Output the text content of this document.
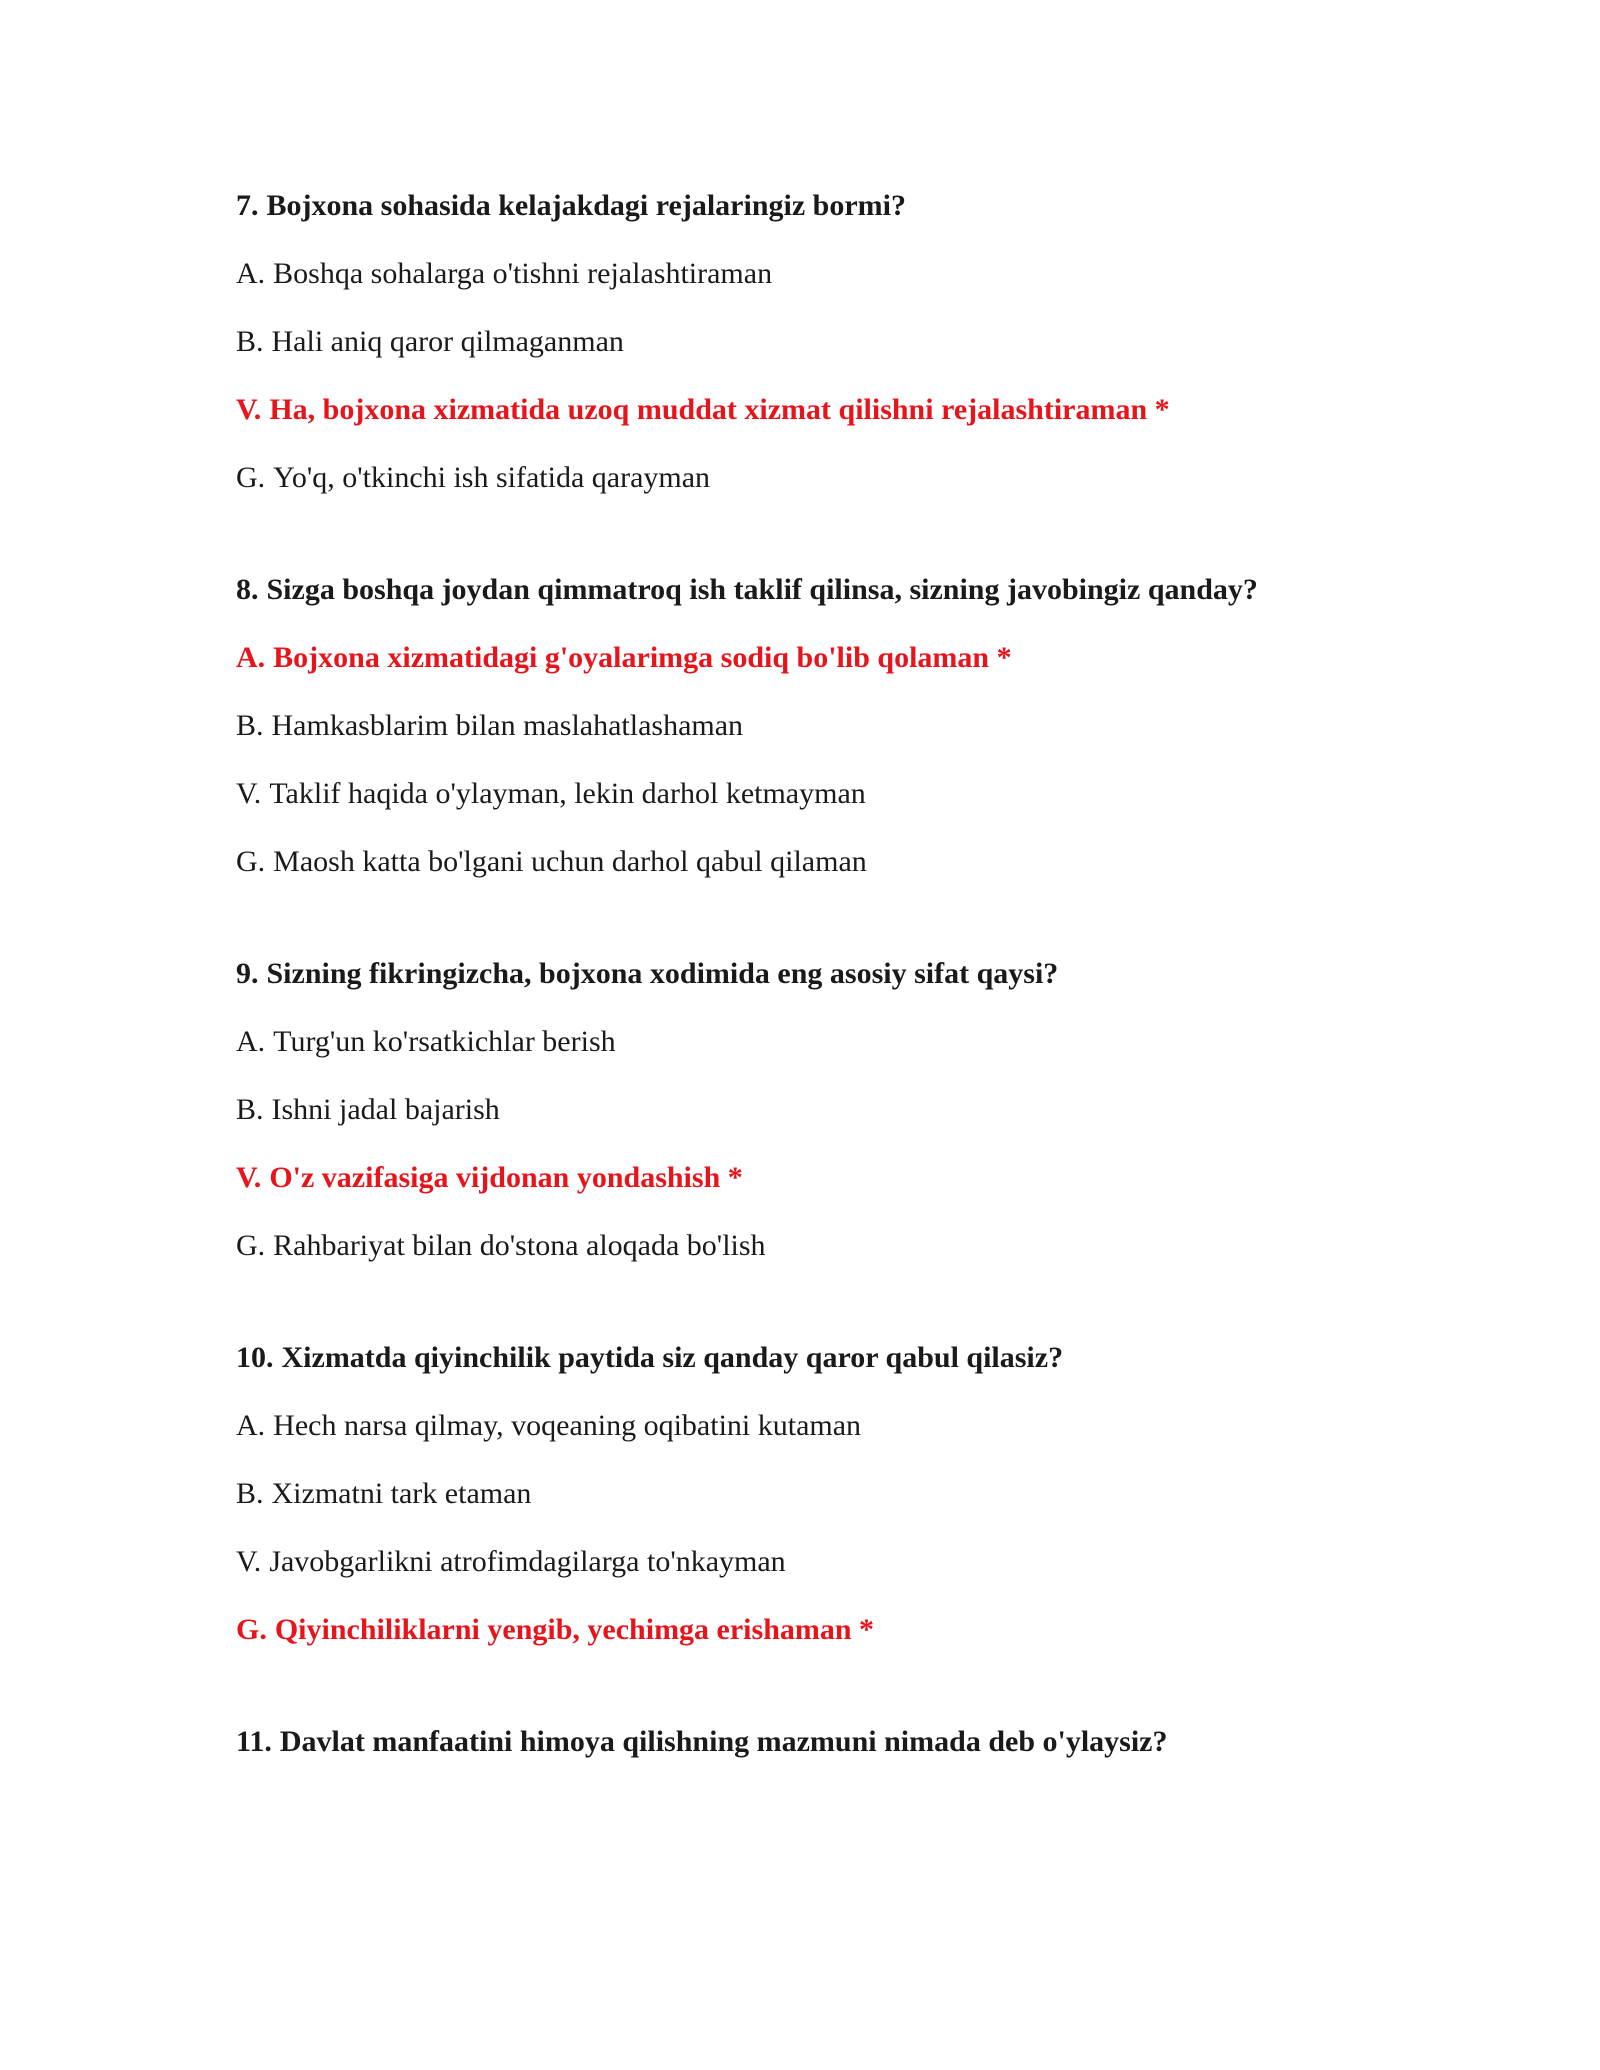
7. Bojxona sohasida kelajakdagi rejalaringiz bormi?
A. Boshqa sohalarga o'tishni rejalashtiraman
B. Hali aniq qaror qilmaganman
V. Ha, bojxona xizmatida uzoq muddat xizmat qilishni rejalashtiraman *
G. Yo'q, o'tkinchi ish sifatida qarayman
8. Sizga boshqa joydan qimmatroq ish taklif qilinsa, sizning javobingiz qanday?
A. Bojxona xizmatidagi g'oyalarimga sodiq bo'lib qolaman *
B. Hamkasblarim bilan maslahatlashaman
V. Taklif haqida o'ylayman, lekin darhol ketmayman
G. Maosh katta bo'lgani uchun darhol qabul qilaman
9. Sizning fikringizcha, bojxona xodimida eng asosiy sifat qaysi?
A. Turg'un ko'rsatkichlar berish
B. Ishni jadal bajarish
V. O'z vazifasiga vijdonan yondashish *
G. Rahbariyat bilan do'stona aloqada bo'lish
10. Xizmatda qiyinchilik paytida siz qanday qaror qabul qilasiz?
A. Hech narsa qilmay, voqeaning oqibatini kutaman
B. Xizmatni tark etaman
V. Javobgarlikni atrofimdagilarga to'nkayman
G. Qiyinchiliklarni yengib, yechimga erishaman *
11. Davlat manfaatini himoya qilishning mazmuni nimada deb o'ylaysiz?
